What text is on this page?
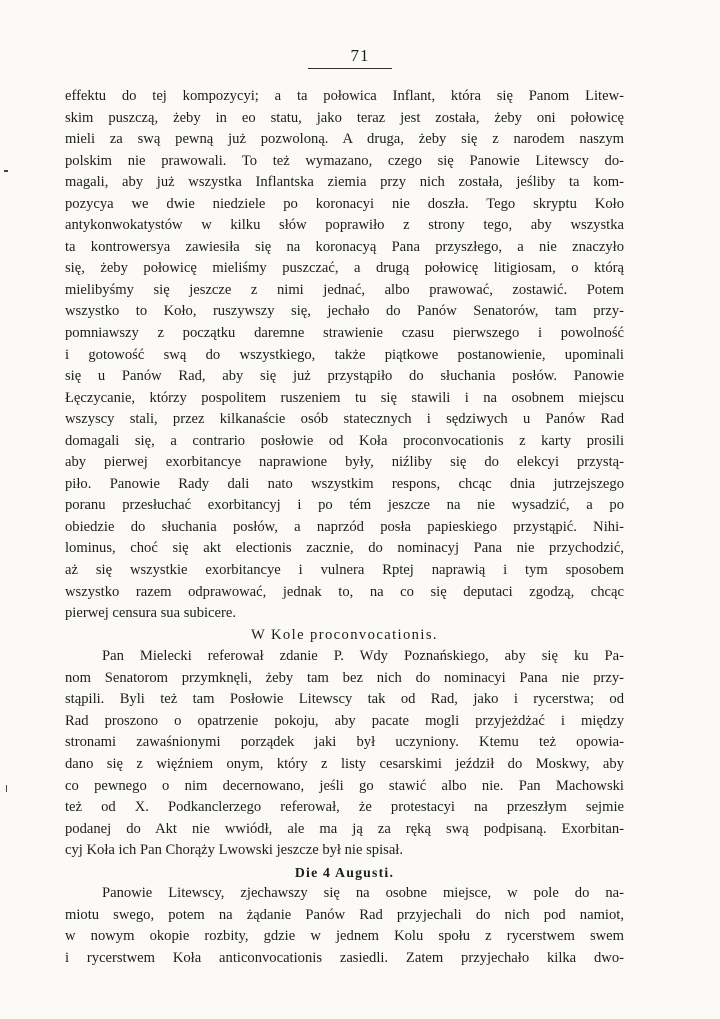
71
effektu do tej kompozycyi; a ta połowica Inflant, która się Panom Litew-
skim puszczą, żeby in eo statu, jako teraz jest została, żeby oni połowicę
mieli za swą pewną już pozwoloną. A druga, żeby się z narodem naszym
polskim nie prawowali. To też wymazano, czego się Panowie Litewscy do-
magali, aby już wszystka Inflantska ziemia przy nich została, jeśliby ta kom-
pozycya we dwie niedziele po koronacyi nie doszła. Tego skryptu Koło
antykonwokatystów w kilku słów poprawiło z strony tego, aby wszystka
ta kontrowersya zawiesiła się na koronacyą Pana przyszłego, a nie znaczyło
się, żeby połowicę mieliśmy puszczać, a drugą połowicę litigiosam, o którą
mielibyśmy się jeszcze z nimi jednać, albo prawować, zostawić. Potem
wszystko to Koło, ruszywszy się, jechało do Panów Senatorów, tam przy-
pomniawszy z początku daremne strawienie czasu pierwszego i powolność
i gotowość swą do wszystkiego, także piątkowe postanowienie, upominali
się u Panów Rad, aby się już przystąpiło do słuchania posłów. Panowie
Łęczycanie, którzy pospolitem ruszeniem tu się stawili i na osobnem miejscu
wszyscy stali, przez kilkanaście osób statecznych i sędziwych u Panów Rad
domagali się, a contrario posłowie od Koła proconvocationis z karty prosili
aby pierwej exorbitancye naprawione były, niźliby się do elekcyi przystą-
piło. Panowie Rady dali nato wszystkim respons, chcąc dnia jutrzejszego
poranu przesłuchać exorbitancyj i po tém jeszcze na nie wysadzić, a po
obiedzie do słuchania posłów, a naprzód posła papieskiego przystąpić. Nihi-
lominus, choć się akt electionis zacznie, do nominacyj Pana nie przychodzić,
aż się wszystkie exorbitancye i vulnera Rptej naprawią i tym sposobem
wszystko razem odprawować, jednak to, na co się deputaci zgodzą, chcąc
pierwej censura sua subicere.
W Kole proconvocationis.
Pan Mielecki referował zdanie P. Wdy Poznańskiego, aby się ku Pa-
nom Senatorom przymknęli, żeby tam bez nich do nominacyi Pana nie przy-
stąpili. Byli też tam Posłowie Litewscy tak od Rad, jako i rycerstwa; od
Rad proszono o opatrzenie pokoju, aby pacate mogli przyjeżdżać i między
stronami zawaśnionymi porządek jaki był uczyniony. Ktemu też opowia-
dano się z więźniem onym, który z listy cesarskimi jeździł do Moskwy, aby
co pewnego o nim decernowano, jeśli go stawić albo nie. Pan Machowski
też od X. Podkanclerzego referował, że protestacyi na przeszłym sejmie
podanej do Akt nie wwiódł, ale ma ją za ręką swą podpisaną. Exorbitan-
cyj Koła ich Pan Chorąży Lwowski jeszcze był nie spisał.
Die 4 Augusti.
Panowie Litewscy, zjechawszy się na osobne miejsce, w pole do na-
miotu swego, potem na żądanie Panów Rad przyjechali do nich pod namiot,
w nowym okopie rozbity, gdzie w jednem Kolu społu z rycerstwem swem
i rycerstwem Koła anticonvocationis zasiedli. Zatem przyjechało kilka dwo-
